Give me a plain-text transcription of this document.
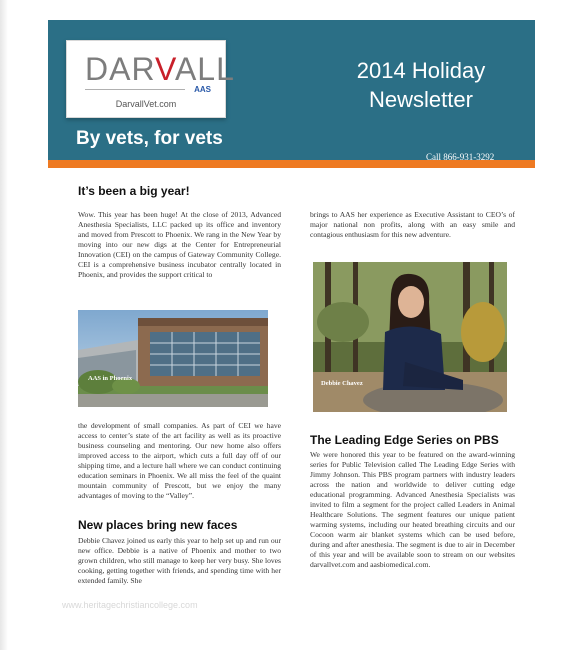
DARVALL
AAS
DarvallVet.com
2014 Holiday
Newsletter
By vets, for vets
Call 866-931-3292
It’s been a big year!

Wow. This year has been huge! At the close of 2013, Advanced Anesthesia Specialists, LLC packed up its office and inventory and moved from Prescott to Phoenix. We rang in the New Year by moving into our new digs at the Center for Entrepreneurial Innovation (CEI) on the campus of Gateway Community College. CEI is a comprehensive business incubator centrally located in Phoenix, and provides the support critical to

AAS in Phoenix

the development of small companies. As part of CEI we have access to center’s state of the art facility as well as its proactive business counseling and mentoring. Our new home also offers improved access to the airport, which cuts a full day off of our shipping time, and a lecture hall where we can conduct continuing education seminars in Phoenix. We all miss the feel of the quaint mountain community of Prescott, but we enjoy the many advantages of moving to the “Valley”.

New places bring new faces

Debbie Chavez joined us early this year to help set up and run our new office. Debbie is a native of Phoenix and mother to two grown children, who still manage to keep her very busy. She loves cooking, getting together with friends, and spending time with her extended family. She

brings to AAS her experience as Executive Assistant to CEO’s of major national non profits, along with an easy smile and contagious enthusiasm for this new adventure.

Debbie Chavez
The Leading Edge Series on PBS

We were honored this year to be featured on the award-winning series for Public Television called The Leading Edge Series with Jimmy Johnson. This PBS program partners with industry leaders across the nation and worldwide to deliver cutting edge educational programming. Advanced Anesthesia Specialists was invited to film a segment for the project called Leaders in Animal Healthcare Solutions. The segment features our unique patient warming systems, including our heated breathing circuits and our Cocoon warm air blanket systems which can be used before, during and after anesthesia. The segment is due to air in December of this year and will be available soon to stream on our websites darvallvet.com and aasbiomedical.com.

www.heritagechristiancollege.com
